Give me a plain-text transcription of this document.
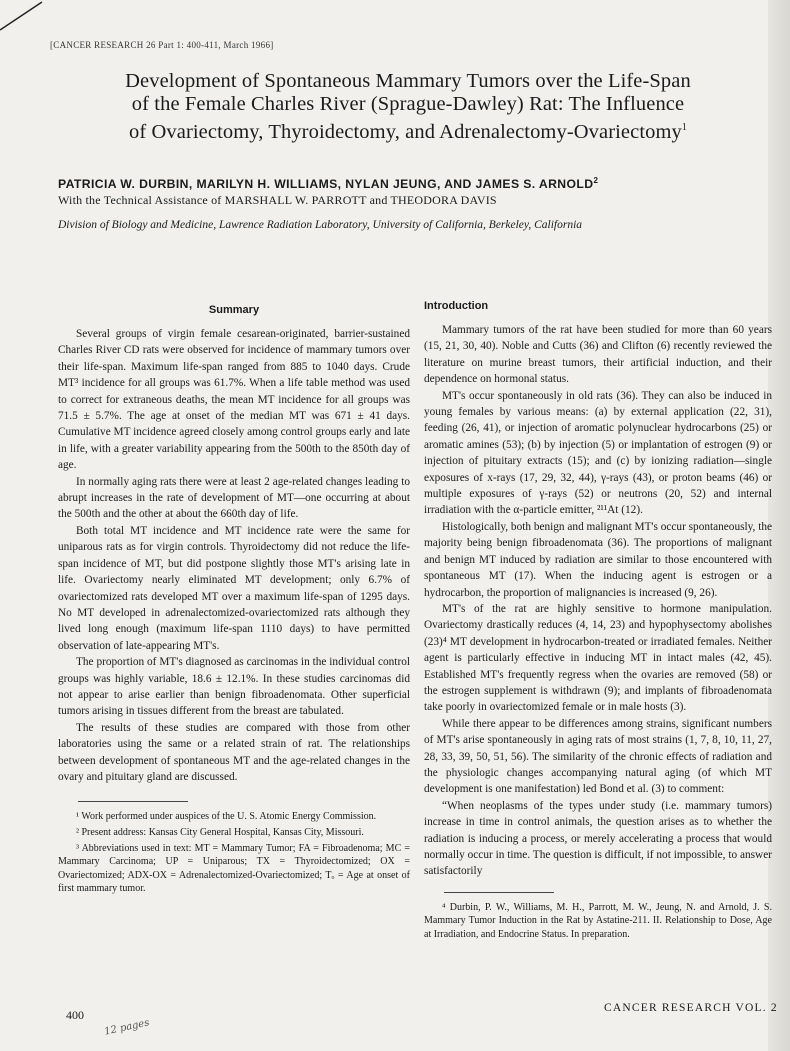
[CANCER RESEARCH 26 Part 1: 400-411, March 1966]
Development of Spontaneous Mammary Tumors over the Life-Span
of the Female Charles River (Sprague-Dawley) Rat: The Influence
of Ovariectomy, Thyroidectomy, and Adrenalectomy-Ovariectomy$^1$
PATRICIA W. DURBIN, MARILYN H. WILLIAMS, NYLAN JEUNG, AND JAMES S. ARNOLD$^2$
With the Technical Assistance of MARSHALL W. PARROTT and THEODORA DAVIS
Division of Biology and Medicine, Lawrence Radiation Laboratory, University of California, Berkeley, California
Summary

Several groups of virgin female cesarean-originated, barrier-sustained Charles River CD rats were observed for incidence of mammary tumors over their life-span. Maximum life-span ranged from 885 to 1040 days. Crude MT³ incidence for all groups was 61.7%. When a life table method was used to correct for extraneous deaths, the mean MT incidence for all groups was 71.5 ± 5.7%. The age at onset of the median MT was 671 ± 41 days. Cumulative MT incidence agreed closely among control groups early and late in life, with a greater variability appearing from the 500th to the 850th day of age.

In normally aging rats there were at least 2 age-related changes leading to abrupt increases in the rate of development of MT—one occurring at about the 500th and the other at about the 660th day of life.

Both total MT incidence and MT incidence rate were the same for uniparous rats as for virgin controls. Thyroidectomy did not reduce the life-span incidence of MT, but did postpone slightly those MT's arising late in life. Ovariectomy nearly eliminated MT development; only 6.7% of ovariectomized rats developed MT over a maximum life-span of 1295 days. No MT developed in adrenalectomized-ovariectomized rats although they lived long enough (maximum life-span 1110 days) to have permitted observation of late-appearing MT's.

The proportion of MT's diagnosed as carcinomas in the individual control groups was highly variable, 18.6 ± 12.1%. In these studies carcinomas did not appear to arise earlier than benign fibroadenomata. Other superficial tumors arising in tissues different from the breast are tabulated.

The results of these studies are compared with those from other laboratories using the same or a related strain of rat. The relationships between development of spontaneous MT and the age-related changes in the ovary and pituitary gland are discussed.

¹ Work performed under auspices of the U. S. Atomic Energy Commission.

² Present address: Kansas City General Hospital, Kansas City, Missouri.

³ Abbreviations used in text: MT = Mammary Tumor; FA = Fibroadenoma; MC = Mammary Carcinoma; UP = Uniparous; TX = Thyroidectomized; OX = Ovariectomized; ADX-OX = Adrenalectomized-Ovariectomized; Tₒ = Age at onset of first mammary tumor.

Introduction

Mammary tumors of the rat have been studied for more than 60 years (15, 21, 30, 40). Noble and Cutts (36) and Clifton (6) recently reviewed the literature on murine breast tumors, their artificial induction, and their dependence on hormonal status.

MT's occur spontaneously in old rats (36). They can also be induced in young females by various means: (a) by external application (22, 31), feeding (26, 41), or injection of aromatic polynuclear hydrocarbons (25) or aromatic amines (53); (b) by injection (5) or implantation of estrogen (9) or injection of pituitary extracts (15); and (c) by ionizing radiation—single exposures of x-rays (17, 29, 32, 44), γ-rays (43), or proton beams (46) or multiple exposures of γ-rays (52) or neutrons (20, 52) and internal irradiation with the α-particle emitter, ²¹¹At (12).

Histologically, both benign and malignant MT's occur spontaneously, the majority being benign fibroadenomata (36). The proportions of malignant and benign MT induced by radiation are similar to those encountered with spontaneous MT (17). When the inducing agent is estrogen or a hydrocarbon, the proportion of malignancies is increased (9, 26).

MT's of the rat are highly sensitive to hormone manipulation. Ovariectomy drastically reduces (4, 14, 23) and hypophysectomy abolishes (23)⁴ MT development in hydrocarbon-treated or irradiated females. Neither agent is particularly effective in inducing MT in intact males (42, 45). Established MT's frequently regress when the ovaries are removed (58) or the estrogen supplement is withdrawn (9); and implants of fibroadenomata take poorly in ovariectomized female or in male hosts (3).

While there appear to be differences among strains, significant numbers of MT's arise spontaneously in aging rats of most strains (1, 7, 8, 10, 11, 27, 28, 33, 39, 50, 51, 56). The similarity of the chronic effects of radiation and the physiologic changes accompanying natural aging (of which MT development is one manifestation) led Bond et al. (3) to comment:

“When neoplasms of the types under study (i.e. mammary tumors) increase in time in control animals, the question arises as to whether the radiation is inducing a process, or merely accelerating a process that would normally occur in time. The question is difficult, if not impossible, to answer satisfactorily

⁴ Durbin, P. W., Williams, M. H., Parrott, M. W., Jeung, N. and Arnold, J. S. Mammary Tumor Induction in the Rat by Astatine-211. II. Relationship to Dose, Age at Irradiation, and Endocrine Status. In preparation.

400
12 pages
CANCER RESEARCH VOL. 2
